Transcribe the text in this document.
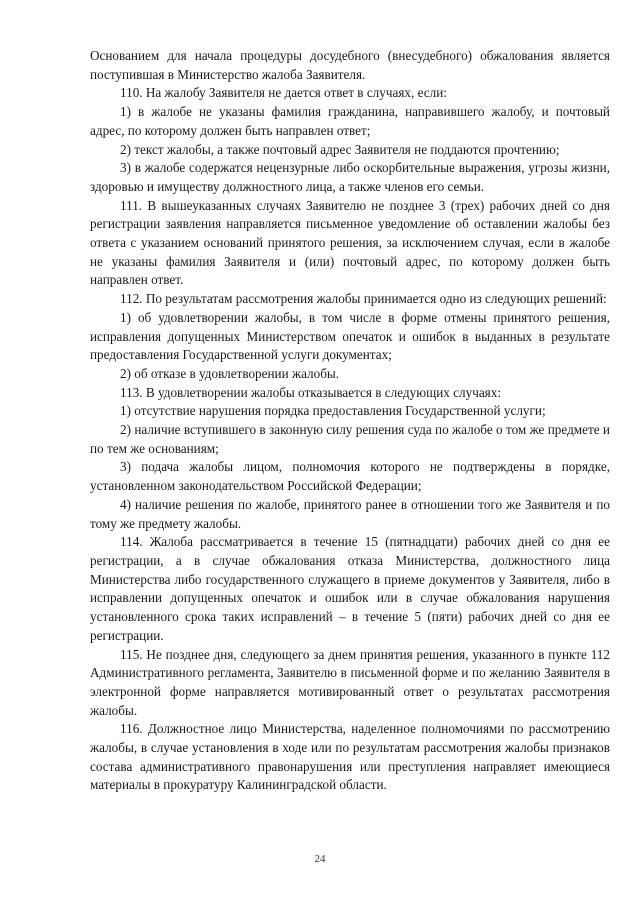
Основанием для начала процедуры досудебного (внесудебного) обжалования является поступившая в Министерство жалоба Заявителя.

110. На жалобу Заявителя не дается ответ в случаях, если:

1) в жалобе не указаны фамилия гражданина, направившего жалобу, и почтовый адрес, по которому должен быть направлен ответ;

2) текст жалобы, а также почтовый адрес Заявителя не поддаются прочтению;

3) в жалобе содержатся нецензурные либо оскорбительные выражения, угрозы жизни, здоровью и имуществу должностного лица, а также членов его семьи.

111. В вышеуказанных случаях Заявителю не позднее 3 (трех) рабочих дней со дня регистрации заявления направляется письменное уведомление об оставлении жалобы без ответа с указанием оснований принятого решения, за исключением случая, если в жалобе не указаны фамилия Заявителя и (или) почтовый адрес, по которому должен быть направлен ответ.

112. По результатам рассмотрения жалобы принимается одно из следующих решений:

1) об удовлетворении жалобы, в том числе в форме отмены принятого решения, исправления допущенных Министерством опечаток и ошибок в выданных в результате предоставления Государственной услуги документах;

2) об отказе в удовлетворении жалобы.

113. В удовлетворении жалобы отказывается в следующих случаях:

1) отсутствие нарушения порядка предоставления Государственной услуги;

2) наличие вступившего в законную силу решения суда по жалобе о том же предмете и по тем же основаниям;

3) подача жалобы лицом, полномочия которого не подтверждены в порядке, установленном законодательством Российской Федерации;

4) наличие решения по жалобе, принятого ранее в отношении того же Заявителя и по тому же предмету жалобы.

114. Жалоба рассматривается в течение 15 (пятнадцати) рабочих дней со дня ее регистрации, а в случае обжалования отказа Министерства, должностного лица Министерства либо государственного служащего в приеме документов у Заявителя, либо в исправлении допущенных опечаток и ошибок или в случае обжалования нарушения установленного срока таких исправлений – в течение 5 (пяти) рабочих дней со дня ее регистрации.

115. Не позднее дня, следующего за днем принятия решения, указанного в пункте 112 Административного регламента, Заявителю в письменной форме и по желанию Заявителя в электронной форме направляется мотивированный ответ о результатах рассмотрения жалобы.

116. Должностное лицо Министерства, наделенное полномочиями по рассмотрению жалобы, в случае установления в ходе или по результатам рассмотрения жалобы признаков состава административного правонарушения или преступления направляет имеющиеся материалы в прокуратуру Калининградской области.

24
